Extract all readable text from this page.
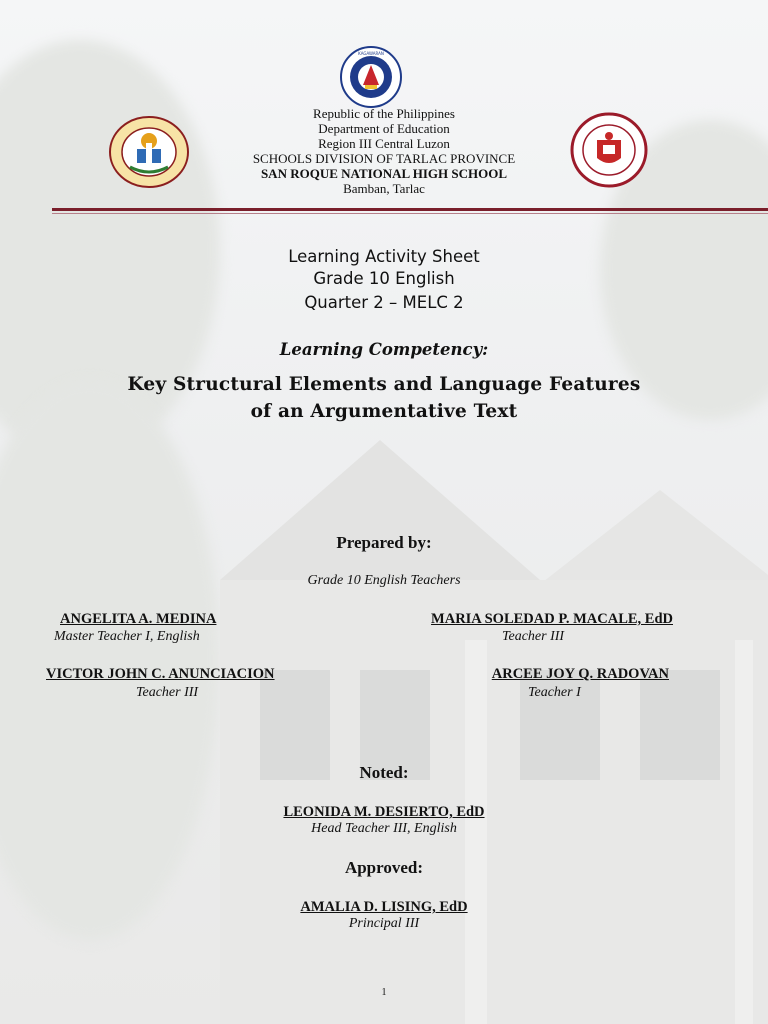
KAGAWARAN
Republic of the Philippines
Department of Education
Region III Central Luzon
SCHOOLS DIVISION OF TARLAC PROVINCE
SAN ROQUE NATIONAL HIGH SCHOOL
Bamban, Tarlac
Learning Activity Sheet
Grade 10 English
Quarter 2 – MELC 2
Learning Competency:
Key Structural Elements and Language Features
of an Argumentative Text
Prepared by:
Grade 10 English Teachers
ANGELITA A. MEDINA
Master Teacher I, English
MARIA SOLEDAD P. MACALE, EdD
Teacher III
VICTOR JOHN C. ANUNCIACION
Teacher III
ARCEE JOY Q. RADOVAN
Teacher I
Noted:
LEONIDA M. DESIERTO, EdD
Head Teacher III, English
Approved:
AMALIA D. LISING, EdD
Principal III
1
